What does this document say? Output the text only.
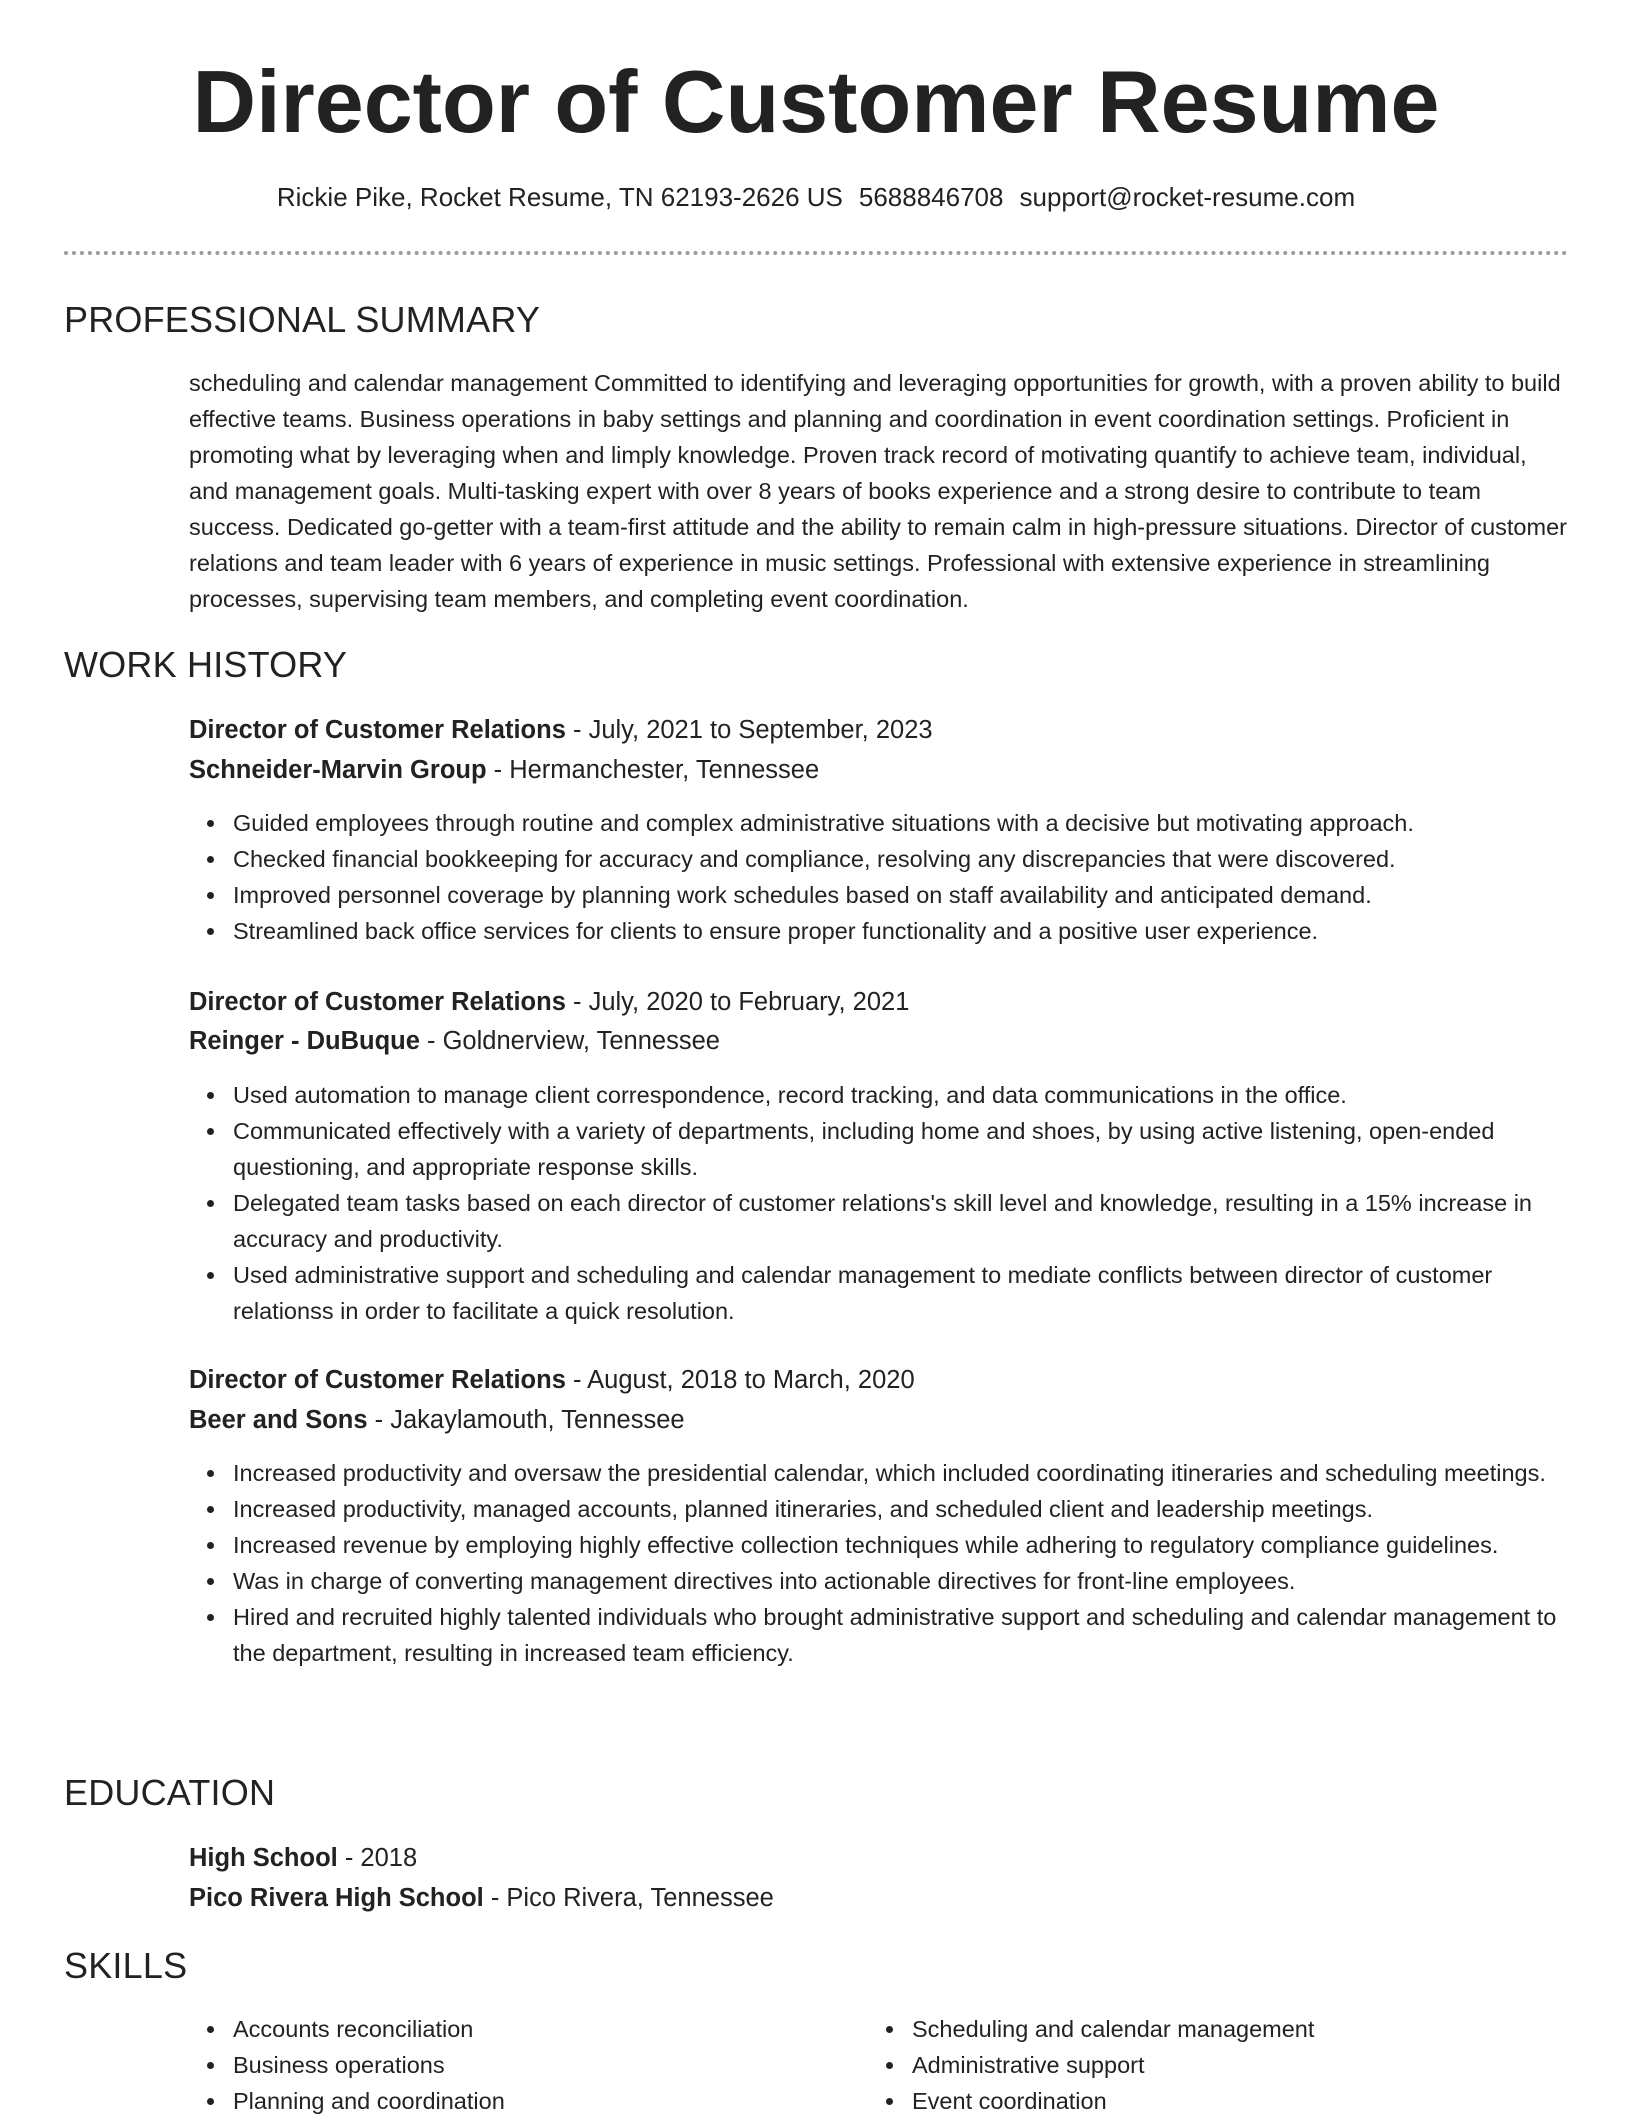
Director of Customer Resume
Rickie Pike, Rocket Resume, TN 62193-2626 US 5688846708 support@rocket-resume.com
PROFESSIONAL SUMMARY

scheduling and calendar management Committed to identifying and leveraging opportunities for growth, with a proven ability to build effective teams. Business operations in baby settings and planning and coordination in event coordination settings. Proficient in promoting what by leveraging when and limply knowledge. Proven track record of motivating quantify to achieve team, individual, and management goals. Multi-tasking expert with over 8 years of books experience and a strong desire to contribute to team success. Dedicated go-getter with a team-first attitude and the ability to remain calm in high-pressure situations. Director of customer relations and team leader with 6 years of experience in music settings. Professional with extensive experience in streamlining processes, supervising team members, and completing event coordination.

WORK HISTORY
Director of Customer Relations - July, 2021 to September, 2023
Schneider-Marvin Group - Hermanchester, Tennessee
Guided employees through routine and complex administrative situations with a decisive but motivating approach.
Checked financial bookkeeping for accuracy and compliance, resolving any discrepancies that were discovered.
Improved personnel coverage by planning work schedules based on staff availability and anticipated demand.
Streamlined back office services for clients to ensure proper functionality and a positive user experience.
Director of Customer Relations - July, 2020 to February, 2021
Reinger - DuBuque - Goldnerview, Tennessee
Used automation to manage client correspondence, record tracking, and data communications in the office.
Communicated effectively with a variety of departments, including home and shoes, by using active listening, open-ended questioning, and appropriate response skills.
Delegated team tasks based on each director of customer relations's skill level and knowledge, resulting in a 15% increase in accuracy and productivity.
Used administrative support and scheduling and calendar management to mediate conflicts between director of customer relationss in order to facilitate a quick resolution.
Director of Customer Relations - August, 2018 to March, 2020
Beer and Sons - Jakaylamouth, Tennessee
Increased productivity and oversaw the presidential calendar, which included coordinating itineraries and scheduling meetings.
Increased productivity, managed accounts, planned itineraries, and scheduled client and leadership meetings.
Increased revenue by employing highly effective collection techniques while adhering to regulatory compliance guidelines.
Was in charge of converting management directives into actionable directives for front-line employees.
Hired and recruited highly talented individuals who brought administrative support and scheduling and calendar management to the department, resulting in increased team efficiency.
EDUCATION
High School - 2018
Pico Rivera High School - Pico Rivera, Tennessee
SKILLS
Accounts reconciliation
Business operations
Planning and coordination
Scheduling and calendar management
Administrative support
Event coordination
